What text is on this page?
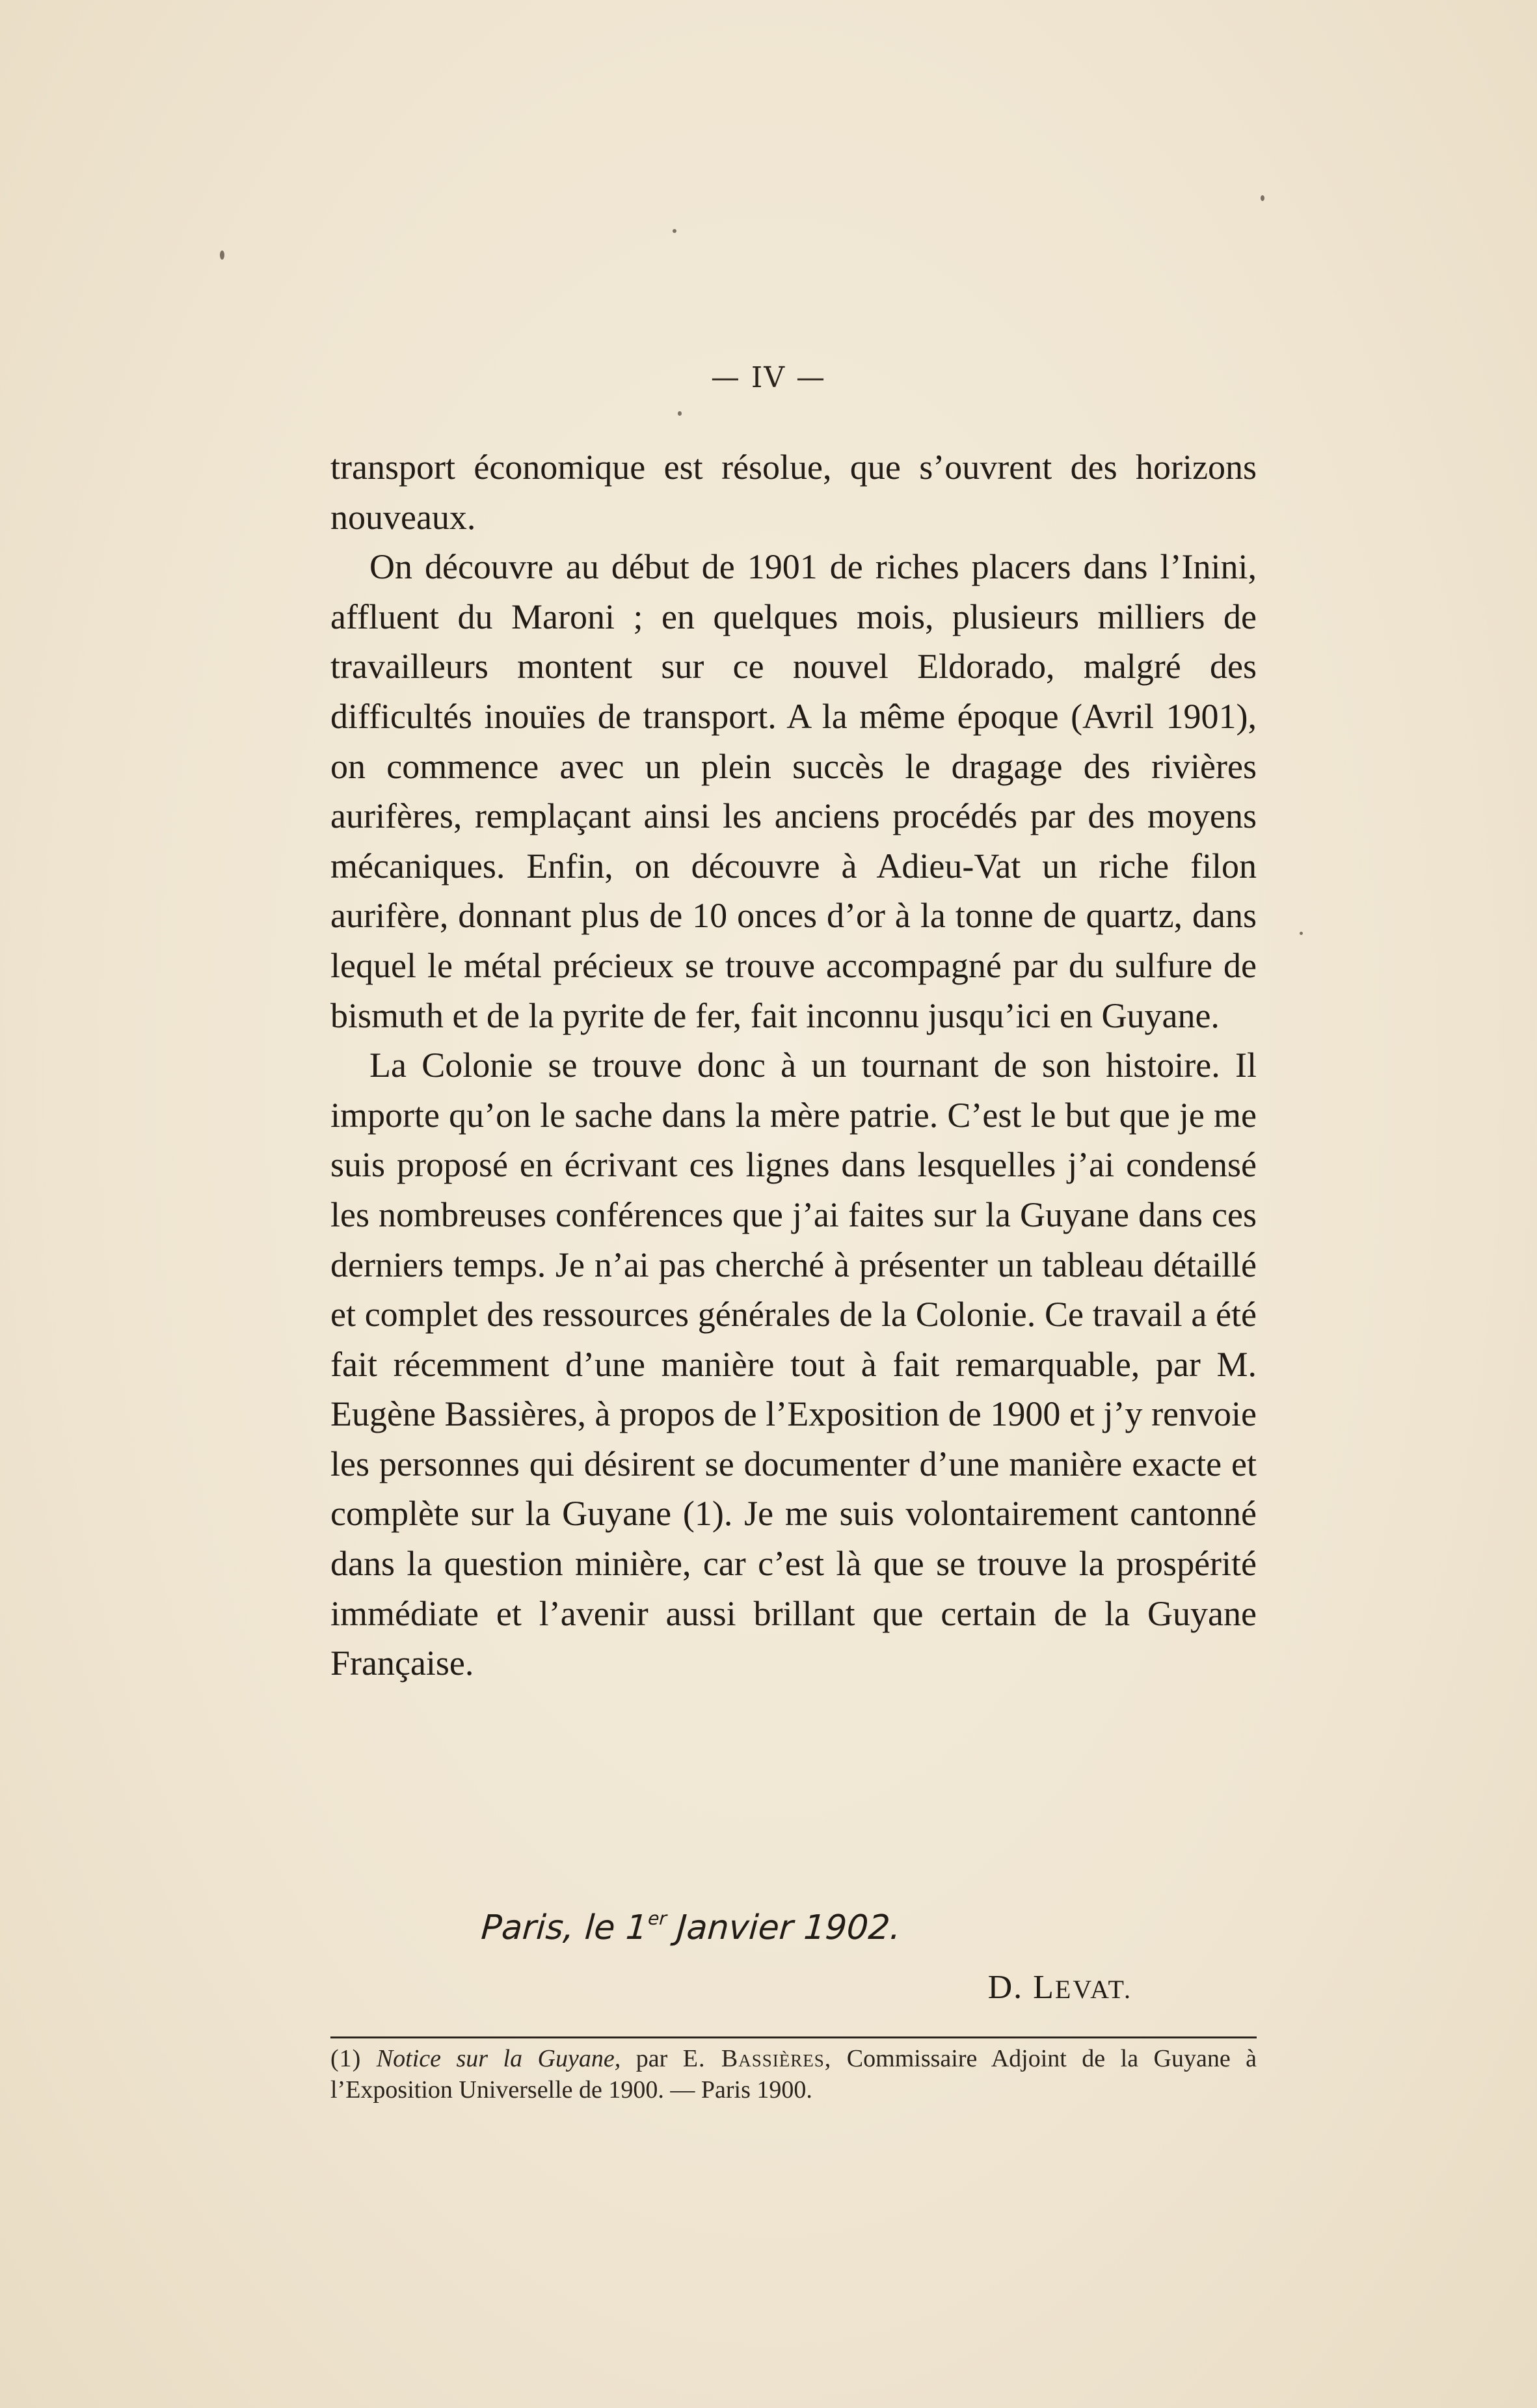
— IV —

transport économique est résolue, que s’ouvrent des horizons nouveaux.

On découvre au début de 1901 de riches placers dans l’Inini, affluent du Maroni ; en quelques mois, plusieurs milliers de travailleurs montent sur ce nouvel Eldorado, malgré des difficultés inouïes de transport. A la même époque (Avril 1901), on commence avec un plein succès le dragage des rivières aurifères, remplaçant ainsi les anciens procédés par des moyens mécaniques. Enfin, on découvre à Adieu-Vat un riche filon aurifère, donnant plus de 10 onces d’or à la tonne de quartz, dans lequel le métal précieux se trouve accompagné par du sulfure de bismuth et de la pyrite de fer, fait inconnu jusqu’ici en Guyane.

La Colonie se trouve donc à un tournant de son histoire. Il importe qu’on le sache dans la mère patrie. C’est le but que je me suis proposé en écrivant ces lignes dans lesquelles j’ai condensé les nombreuses conférences que j’ai faites sur la Guyane dans ces derniers temps. Je n’ai pas cherché à présenter un tableau détaillé et complet des ressources générales de la Colonie. Ce travail a été fait récemment d’une manière tout à fait remarquable, par M. Eugène Bassières, à propos de l’Exposition de 1900 et j’y renvoie les personnes qui désirent se documenter d’une manière exacte et complète sur la Guyane (1). Je me suis volontairement cantonné dans la question minière, car c’est là que se trouve la prospérité immédiate et l’avenir aussi brillant que certain de la Guyane Française.

Paris, le 1er Janvier 1902.
D. LEVAT.
(1) Notice sur la Guyane, par E. Bassières, Commissaire Adjoint de la Guyane à l’Exposition Universelle de 1900. — Paris 1900.
